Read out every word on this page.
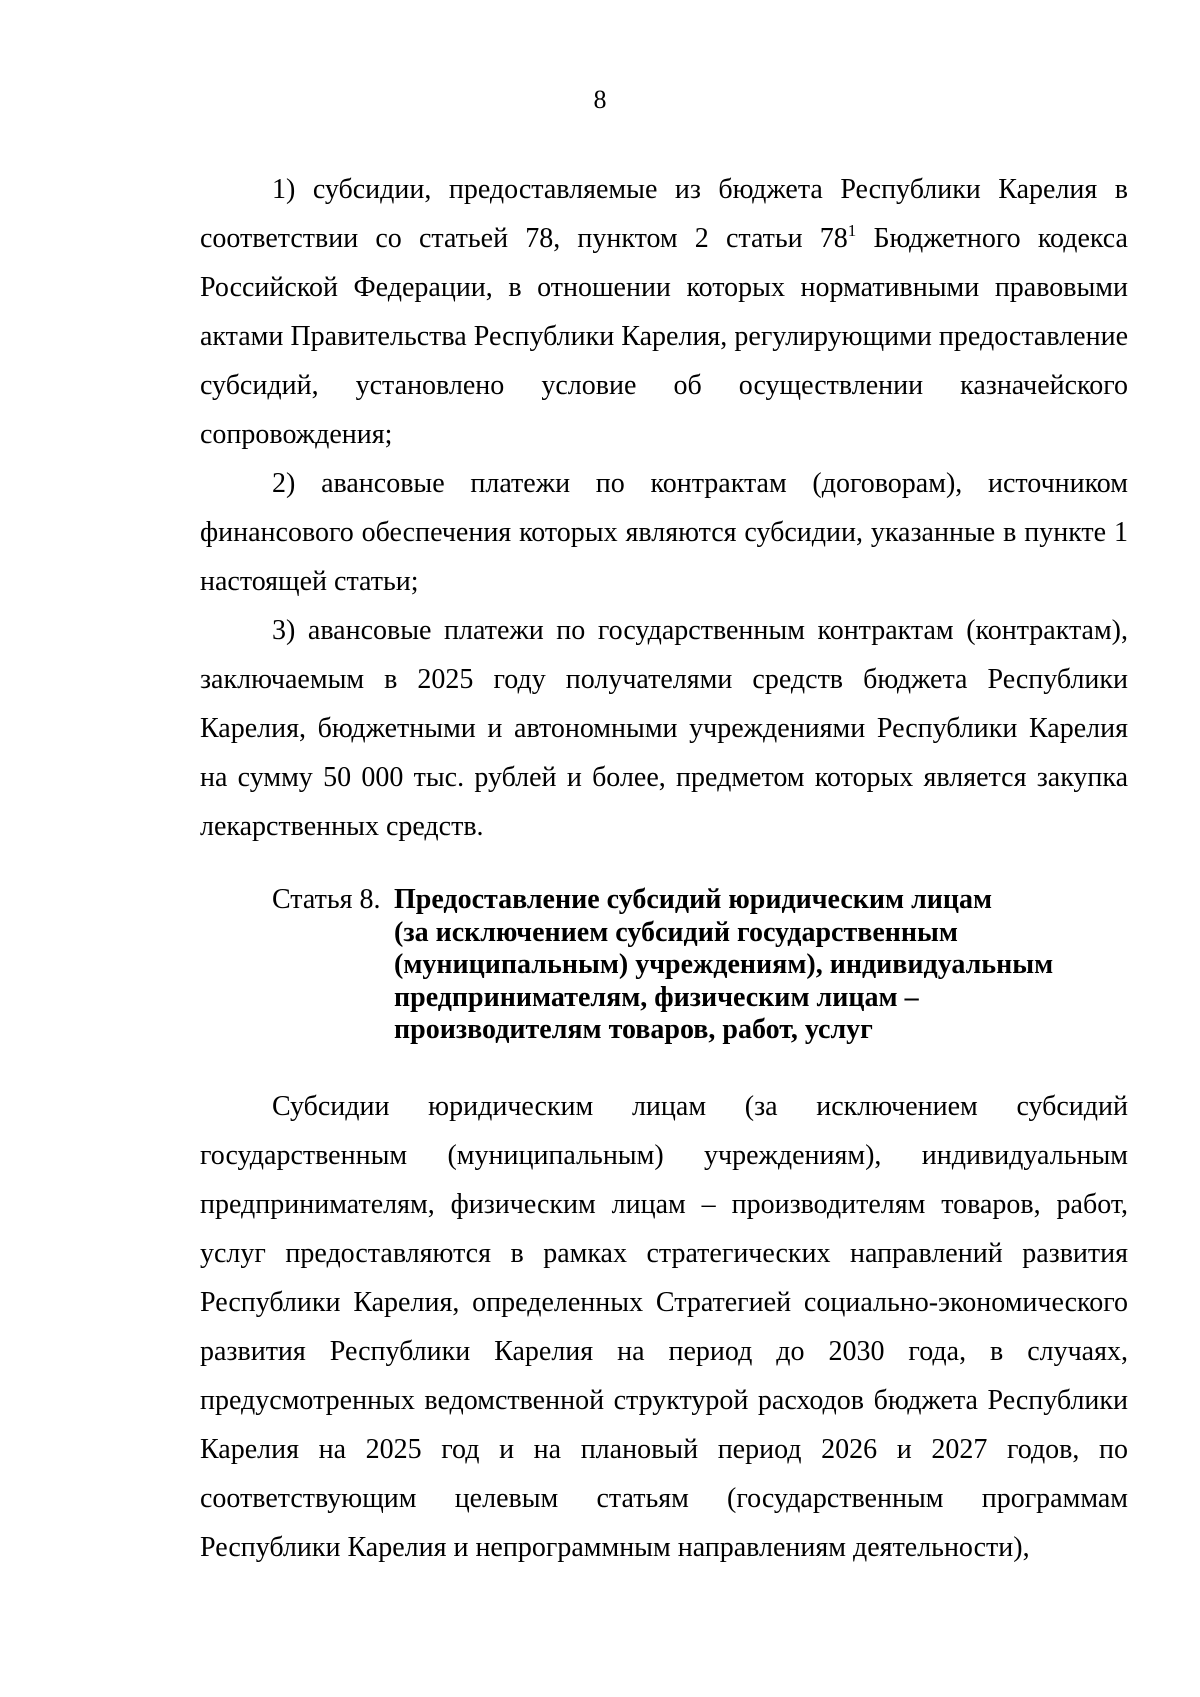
8

1) субсидии, предоставляемые из бюджета Республики Карелия в соответствии со статьей 78, пунктом 2 статьи $78^1$ Бюджетного кодекса Российской Федерации, в отношении которых нормативными правовыми актами Правительства Республики Карелия, регулирующими предоставление субсидий, установлено условие об осуществлении казначейского сопровождения;

2) авансовые платежи по контрактам (договорам), источником финансового обеспечения которых являются субсидии, указанные в пункте 1 настоящей статьи;

3) авансовые платежи по государственным контрактам (контрактам), заключаемым в 2025 году получателями средств бюджета Республики Карелия, бюджетными и автономными учреждениями Республики Карелия на сумму 50 000 тыс. рублей и более, предметом которых является закупка лекарственных средств.

Статья 8. Предоставление субсидий юридическим лицам
(за исключением субсидий государственным
(муниципальным) учреждениям), индивидуальным
предпринимателям, физическим лицам –
производителям товаров, работ, услуг

Субсидии юридическим лицам (за исключением субсидий государственным (муниципальным) учреждениям), индивидуальным предпринимателям, физическим лицам – производителям товаров, работ, услуг предоставляются в рамках стратегических направлений развития Республики Карелия, определенных Стратегией социально-экономического развития Республики Карелия на период до 2030 года, в случаях, предусмотренных ведомственной структурой расходов бюджета Республики Карелия на 2025 год и на плановый период 2026 и 2027 годов, по соответствующим целевым статьям (государственным программам Республики Карелия и непрограммным направлениям деятельности),
